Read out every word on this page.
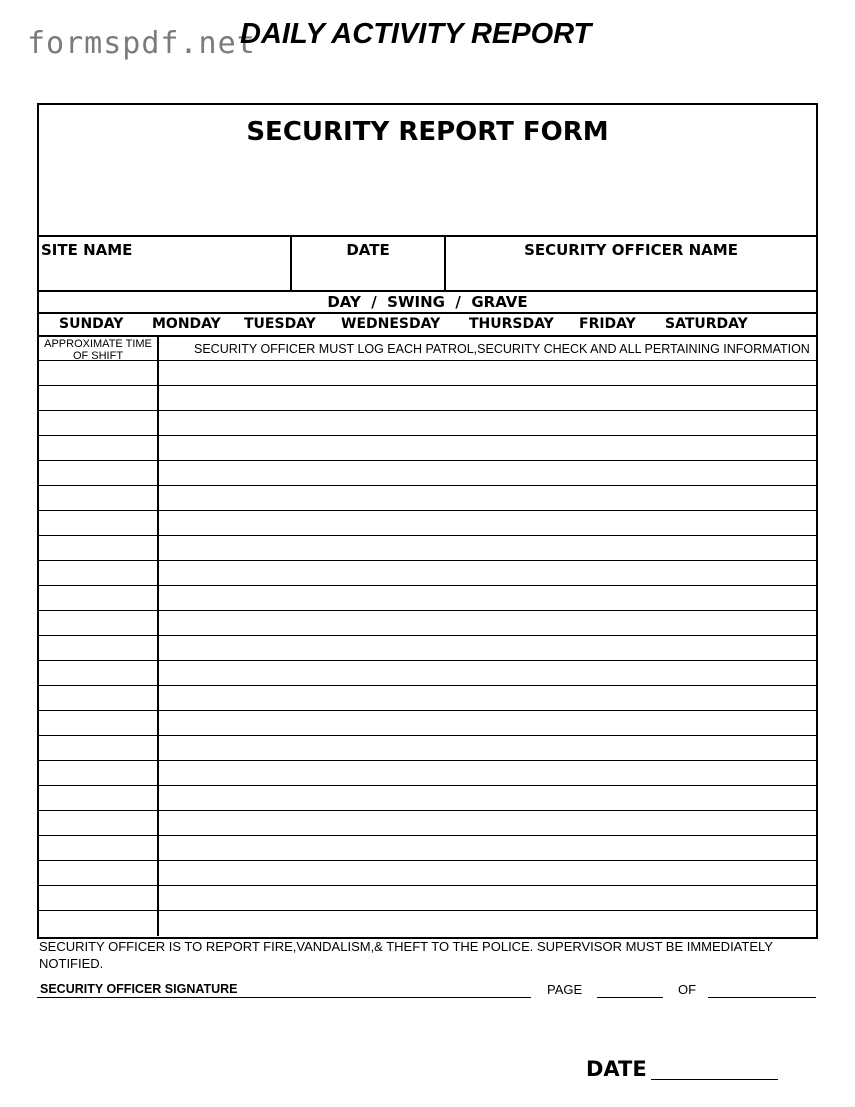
formspdf.net
DAILY ACTIVITY REPORT
SECURITY REPORT FORM
SITE NAME	DATE	SECURITY OFFICER NAME
DAY  /  SWING  /  GRAVE
SUNDAY MONDAY TUESDAY WEDNESDAY THURSDAY FRIDAY SATURDAY
APPROXIMATE TIME OF SHIFT	SECURITY OFFICER MUST LOG EACH PATROL,SECURITY CHECK AND ALL PERTAINING INFORMATION
SECURITY OFFICER IS TO REPORT FIRE,VANDALISM,& THEFT TO THE POLICE. SUPERVISOR MUST BE IMMEDIATELY NOTIFIED.
SECURITY OFFICER SIGNATURE	PAGE	OF
DATE
